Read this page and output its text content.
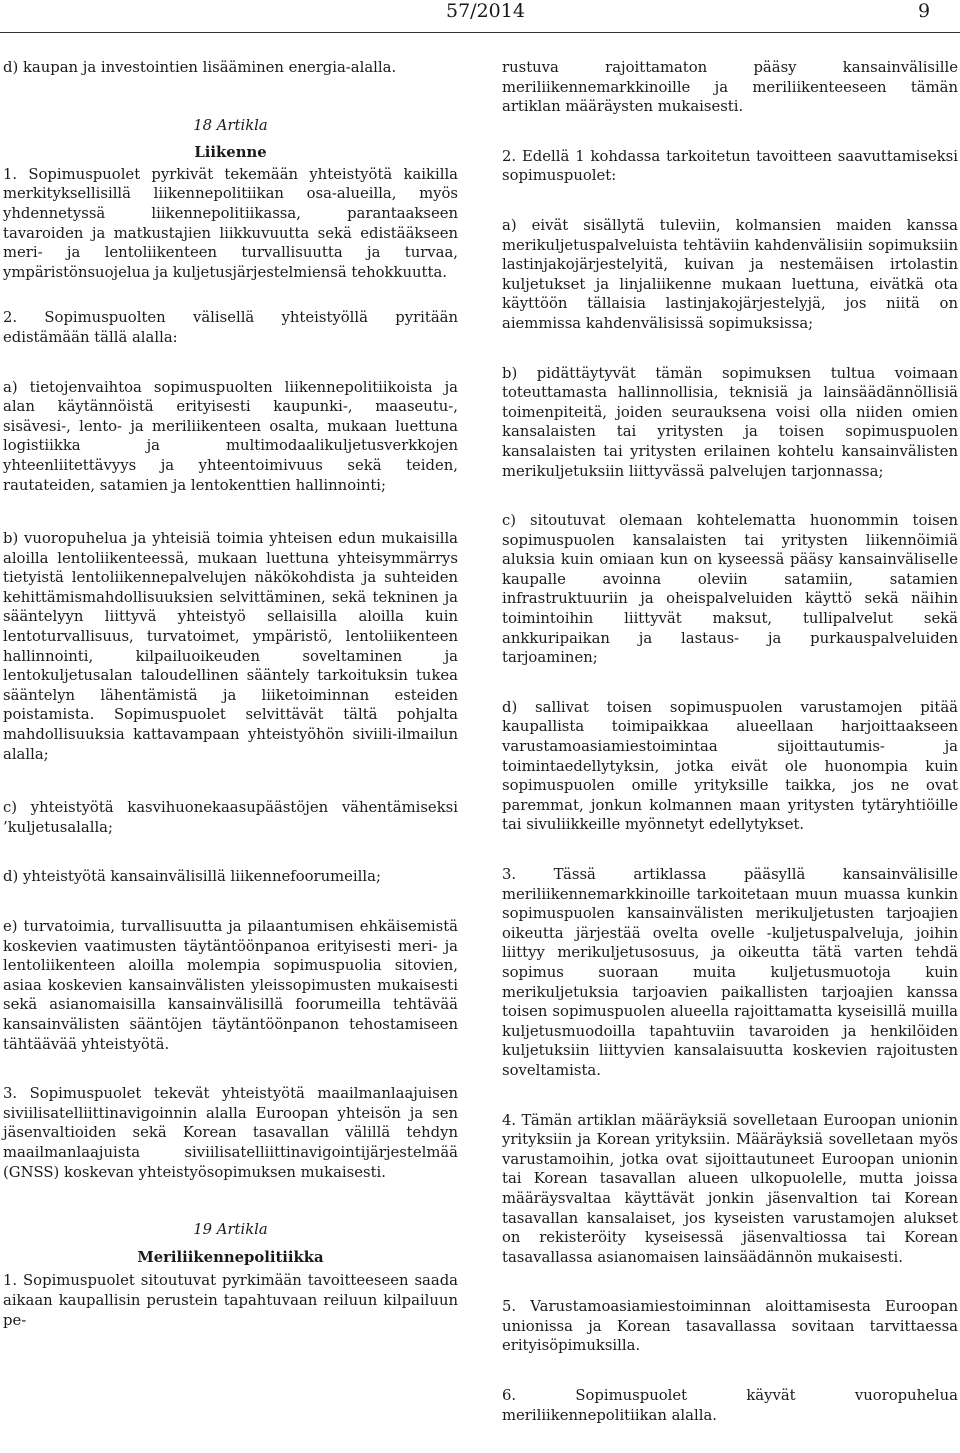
57/2014	9

d) kaupan ja investointien lisääminen energia-alalla.

18 Artikla
Liikenne

1. Sopimuspuolet pyrkivät tekemään yhteistyötä kaikilla merkityksellisillä liikennepolitiikan osa-alueilla, myös yhdennetyssä liikennepolitiikassa, parantaakseen tavaroiden ja matkustajien liikkuvuutta sekä edistääkseen meri- ja lentoliikenteen turvallisuutta ja turvaa, ympäristönsuojelua ja kuljetusjärjestelmiensä tehokkuutta.

2. Sopimuspuolten välisellä yhteistyöllä pyritään edistämään tällä alalla:

a) tietojenvaihtoa sopimuspuolten liikennepolitiikoista ja alan käytännöistä erityisesti kaupunki-, maaseutu-, sisävesi-, lento- ja meriliikenteen osalta, mukaan luettuna logistiikka ja multimodaalikuljetusverkkojen yhteenliitettävyys ja yhteentoimivuus sekä teiden, rautateiden, satamien ja lentokenttien hallinnointi;

b) vuoropuhelua ja yhteisiä toimia yhteisen edun mukaisilla aloilla lentoliikenteessä, mukaan luettuna yhteisymmärrys tietyistä lentoliikennepalvelujen näkökohdista ja suhteiden kehittämismahdollisuuksien selvittäminen, sekä tekninen ja sääntelyyn liittyvä yhteistyö sellaisilla aloilla kuin lentoturvallisuus, turvatoimet, ympäristö, lentoliikenteen hallinnointi, kilpailuoikeuden soveltaminen ja lentokuljetusalan taloudellinen sääntely tarkoituksin tukea sääntelyn lähentämistä ja liiketoiminnan esteiden poistamista. Sopimuspuolet selvittävät tältä pohjalta mahdollisuuksia kattavampaan yhteistyöhön siviili-ilmailun alalla;

c) yhteistyötä kasvihuonekaasupäästöjen vähentämiseksi ’kuljetusalalla;

d) yhteistyötä kansainvälisillä liikennefoorumeilla;

e) turvatoimia, turvallisuutta ja pilaantumisen ehkäisemistä koskevien vaatimusten täytäntöönpanoa erityisesti meri- ja lentoliikenteen aloilla molempia sopimuspuolia sitovien, asiaa koskevien kansainvälisten yleissopimusten mukaisesti sekä asianomaisilla kansainvälisillä foorumeilla tehtävää kansainvälisten sääntöjen täytäntöönpanon tehostamiseen tähtäävää yhteistyötä.

3. Sopimuspuolet tekevät yhteistyötä maailmanlaajuisen siviilisatelliittinavigoinnin alalla Euroopan yhteisön ja sen jäsenvaltioiden sekä Korean tasavallan välillä tehdyn maailmanlaajuista siviilisatelliittinavigointijärjestelmää (GNSS) koskevan yhteistyösopimuksen mukaisesti.

19 Artikla
Meriliikennepolitiikka

1. Sopimuspuolet sitoutuvat pyrkimään tavoitteeseen saada aikaan kaupallisin perustein tapahtuvaan reiluun kilpailuun pe-

rustuva rajoittamaton pääsy kansainvälisille meriliikennemarkkinoille ja meriliikenteeseen tämän artiklan määräysten mukaisesti.

2. Edellä 1 kohdassa tarkoitetun tavoitteen saavuttamiseksi sopimuspuolet:

a) eivät sisällytä tuleviin, kolmansien maiden kanssa merikuljetuspalveluista tehtäviin kahdenvälisiin sopimuksiin lastinjakojärjestelyitä, kuivan ja nestemäisen irtolastin kuljetukset ja linjaliikenne mukaan luettuna, eivätkä ota käyttöön tällaisia lastinjakojärjestelyjä, jos niitä on aiemmissa kahdenvälisissä sopimuksissa;

b) pidättäytyvät tämän sopimuksen tultua voimaan toteuttamasta hallinnollisia, teknisiä ja lainsäädännöllisiä toimenpiteitä, joiden seurauksena voisi olla niiden omien kansalaisten tai yritysten ja toisen sopimuspuolen kansalaisten tai yritysten erilainen kohtelu kansainvälisten merikuljetuksiin liittyvässä palvelujen tarjonnassa;

c) sitoutuvat olemaan kohtelematta huonommin toisen sopimuspuolen kansalaisten tai yritysten liikennöimiä aluksia kuin omiaan kun on kyseessä pääsy kansainväliselle kaupalle avoinna oleviin satamiin, satamien infrastruktuuriin ja oheispalveluiden käyttö sekä näihin toimintoihin liittyvät maksut, tullipalvelut sekä ankkuripaikan ja lastaus- ja purkauspalveluiden tarjoaminen;

d) sallivat toisen sopimuspuolen varustamojen pitää kaupallista toimipaikkaa alueellaan harjoittaakseen varustamoasiamiestoimintaa sijoittautumis- ja toimintaedellytyksin, jotka eivät ole huonompia kuin sopimuspuolen omille yrityksille taikka, jos ne ovat paremmat, jonkun kolmannen maan yritysten tytäryhtiöille tai sivuliikkeille myönnetyt edellytykset.

3. Tässä artiklassa pääsyllä kansainvälisille meriliikennemarkkinoille tarkoitetaan muun muassa kunkin sopimuspuolen kansainvälisten merikuljetusten tarjoajien oikeutta järjestää ovelta ovelle -kuljetuspalveluja, joihin liittyy merikuljetusosuus, ja oikeutta tätä varten tehdä sopimus suoraan muita kuljetusmuotoja kuin merikuljetuksia tarjoavien paikallisten tarjoajien kanssa toisen sopimuspuolen alueella rajoittamatta kyseisillä muilla kuljetusmuodoilla tapahtuviin tavaroiden ja henkilöiden kuljetuksiin liittyvien kansalaisuutta koskevien rajoitusten soveltamista.

4. Tämän artiklan määräyksiä sovelletaan Euroopan unionin yrityksiin ja Korean yrityksiin. Määräyksiä sovelletaan myös varustamoihin, jotka ovat sijoittautuneet Euroopan unionin tai Korean tasavallan alueen ulkopuolelle, mutta joissa määräysvaltaa käyttävät jonkin jäsenvaltion tai Korean tasavallan kansalaiset, jos kyseisten varustamojen alukset on rekisteröity kyseisessä jäsenvaltiossa tai Korean tasavallassa asianomaisen lainsäädännön mukaisesti.

5. Varustamoasiamiestoiminnan aloittamisesta Euroopan unionissa ja Korean tasavallassa sovitaan tarvittaessa erityisöpimuksilla.

6. Sopimuspuolet käyvät vuoropuhelua meriliikennepolitiikan alalla.
